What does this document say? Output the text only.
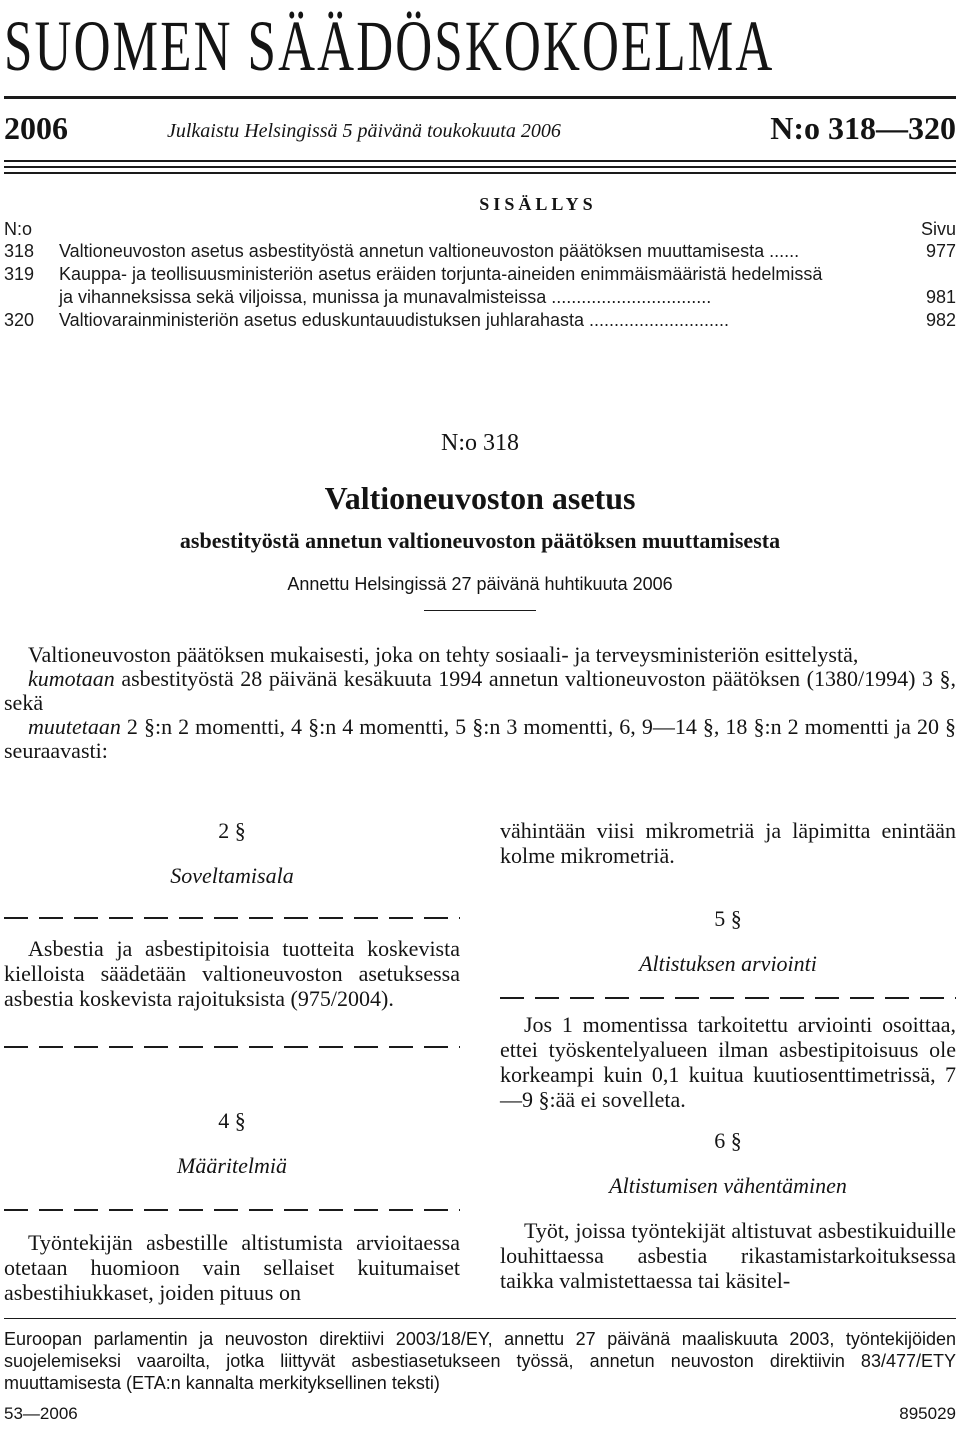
SUOMEN SÄÄDÖSKOKOELMA
2006	Julkaistu Helsingissä 5 päivänä toukokuuta 2006	N:o 318—320
SISÄLLYS
N:o	Sivu
318 Valtioneuvoston asetus asbestityöstä annetun valtioneuvoston päätöksen muuttamisesta ......	977
319 Kauppa- ja teollisuusministeriön asetus eräiden torjunta-aineiden enimmäismääristä hedelmissä
ja vihanneksissa sekä viljoissa, munissa ja munavalmisteissa ................................	981
320 Valtiovarainministeriön asetus eduskuntauudistuksen juhlarahasta ............................	982
N:o 318
Valtioneuvoston asetus
asbestityöstä annetun valtioneuvoston päätöksen muuttamisesta
Annettu Helsingissä 27 päivänä huhtikuuta 2006
Valtioneuvoston päätöksen mukaisesti, joka on tehty sosiaali- ja terveysministeriön esittelystä,
kumotaan asbestityöstä 28 päivänä kesäkuuta 1994 annetun valtioneuvoston päätöksen (1380/1994) 3 §, sekä
muutetaan 2 §:n 2 momentti, 4 §:n 4 momentti, 5 §:n 3 momentti, 6, 9—14 §, 18 §:n 2 momentti ja 20 § seuraavasti:

2 §

Soveltamisala

Asbestia ja asbestipitoisia tuotteita koskevista kielloista säädetään valtioneuvoston asetuksessa asbestia koskevista rajoituksista (975/2004).

4 §

Määritelmiä

Työntekijän asbestille altistumista arvioitaessa otetaan huomioon vain sellaiset kuitumaiset asbestihiukkaset, joiden pituus on

vähintään viisi mikrometriä ja läpimitta enintään kolme mikrometriä.

5 §

Altistuksen arviointi

Jos 1 momentissa tarkoitettu arviointi osoittaa, ettei työskentelyalueen ilman asbestipitoisuus ole korkeampi kuin 0,1 kuitua kuutiosenttimetrissä, 7—9 §:ää ei sovelleta.

6 §

Altistumisen vähentäminen

Työt, joissa työntekijät altistuvat asbestikuiduille louhittaessa asbestia rikastamistarkoituksessa taikka valmistettaessa tai käsitel-

Euroopan parlamentin ja neuvoston direktiivi 2003/18/EY, annettu 27 päivänä maaliskuuta 2003, työntekijöiden suojelemiseksi vaaroilta, jotka liittyvät asbestiasetukseen työssä, annetun neuvoston direktiivin 83/477/ETY muuttamisesta (ETA:n kannalta merkityksellinen teksti)
53—2006	895029
